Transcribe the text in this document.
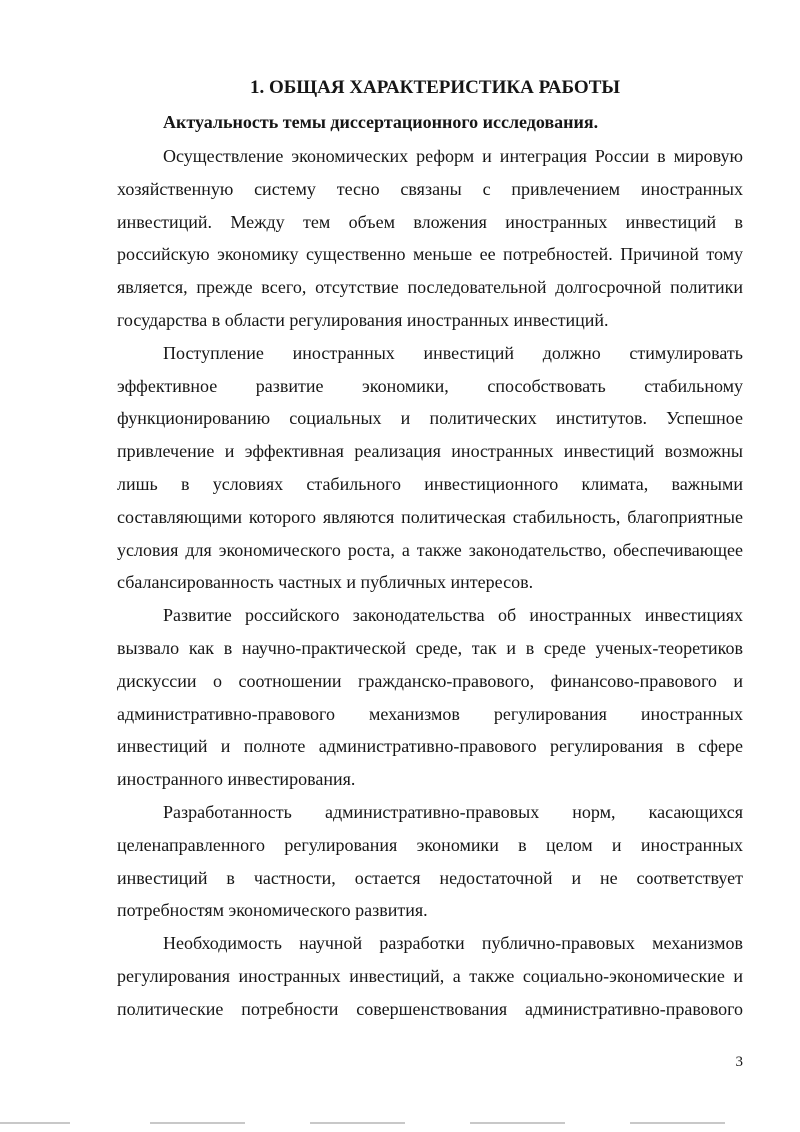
1. ОБЩАЯ ХАРАКТЕРИСТИКА РАБОТЫ
Актуальность темы диссертационного исследования.

Осуществление экономических реформ и интеграция России в мировую хозяйственную систему тесно связаны с привлечением иностранных инвестиций. Между тем объем вложения иностранных инвестиций в российскую экономику существенно меньше ее потребностей. Причиной тому является, прежде всего, отсутствие последовательной долгосрочной политики государства в области регулирования иностранных инвестиций.

Поступление иностранных инвестиций должно стимулировать эффективное развитие экономики, способствовать стабильному функционированию социальных и политических институтов. Успешное привлечение и эффективная реализация иностранных инвестиций возможны лишь в условиях стабильного инвестиционного климата, важными составляющими которого являются политическая стабильность, благоприятные условия для экономического роста, а также законодательство, обеспечивающее сбалансированность частных и публичных интересов.

Развитие российского законодательства об иностранных инвестициях вызвало как в научно-практической среде, так и в среде ученых-теоретиков дискуссии о соотношении гражданско-правового, финансово-правового и административно-правового механизмов регулирования иностранных инвестиций и полноте административно-правового регулирования в сфере иностранного инвестирования.

Разработанность административно-правовых норм, касающихся целенаправленного регулирования экономики в целом и иностранных инвестиций в частности, остается недостаточной и не соответствует потребностям экономического развития.

Необходимость научной разработки публично-правовых механизмов регулирования иностранных инвестиций, а также социально-экономические и политические потребности совершенствования административно-правового

3
